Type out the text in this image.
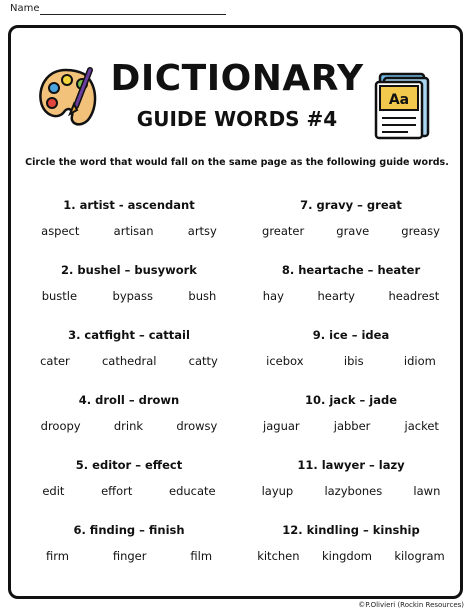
Name
Aa
DICTIONARY
GUIDE WORDS #4
Circle the word that would fall on the same page as the following guide words.
1. artist - ascendant
aspect	artisan	artsy
2. bushel – busywork
bustle	bypass	bush
3. catfight – cattail
cater	cathedral	catty
4. droll – drown
droopy	drink	drowsy
5. editor – effect
edit	effort	educate
6. finding – finish
firm	finger	film
7. gravy – great
greater	grave	greasy
8. heartache – heater
hay	hearty	headrest
9. ice – idea
icebox	ibis	idiom
10. jack – jade
jaguar	jabber	jacket
11. lawyer – lazy
layup	lazybones	lawn
12. kindling – kinship
kitchen kingdom kilogram
©P.Olivieri (Rockin Resources)
